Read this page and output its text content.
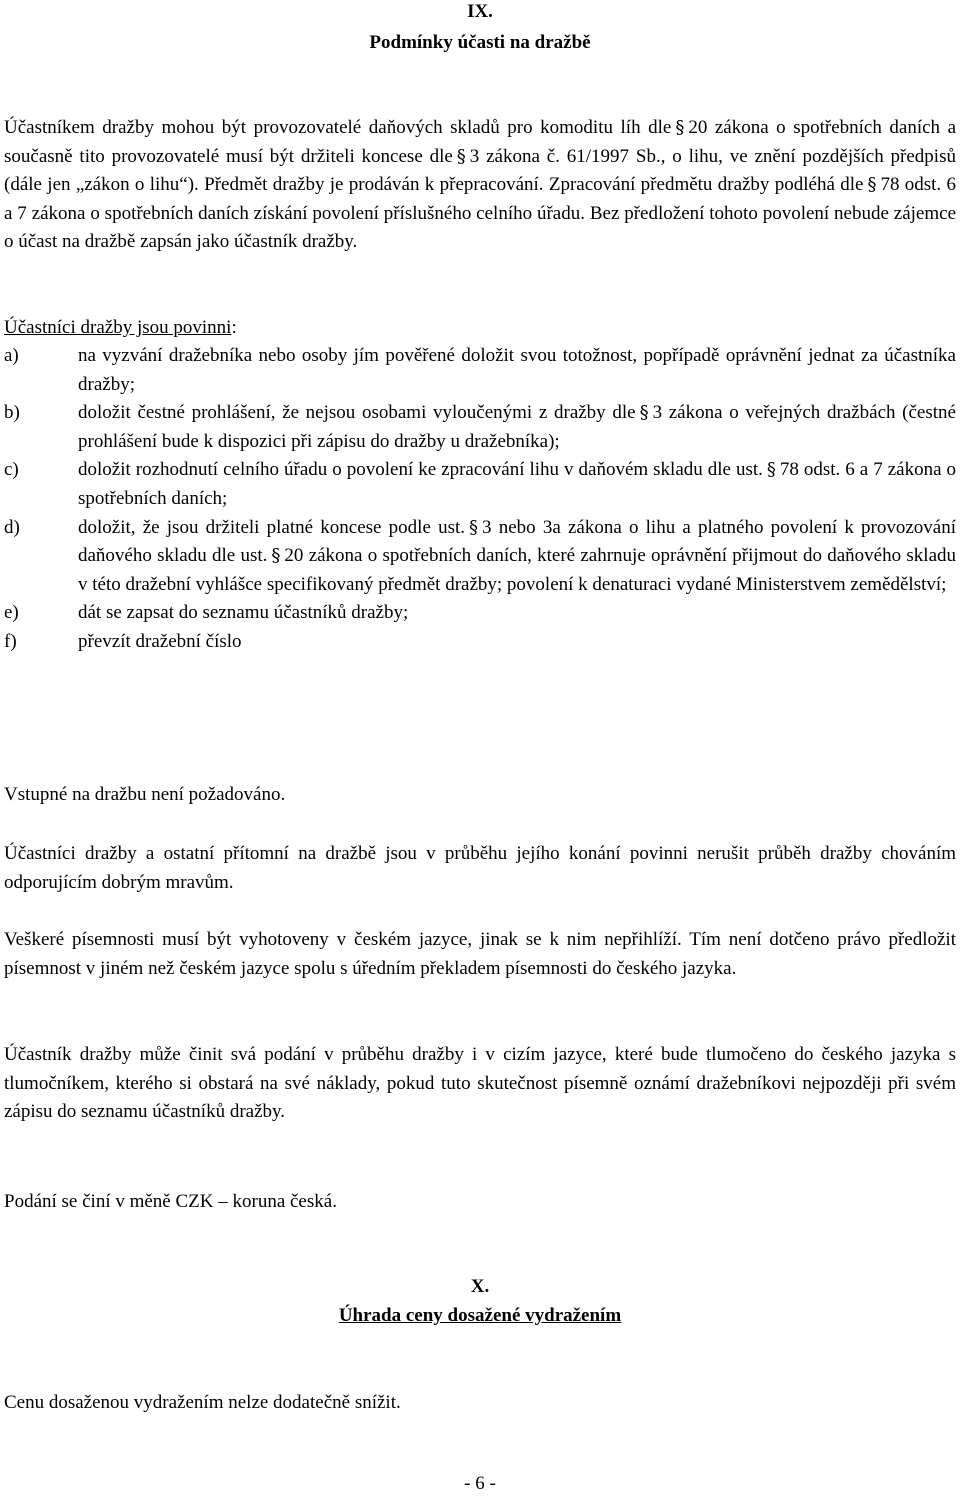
IX.
Podmínky účasti na dražbě

Účastníkem dražby mohou být provozovatelé daňových skladů pro komoditu líh dle § 20 zákona o spotřebních daních a současně tito provozovatelé musí být držiteli koncese dle § 3 zákona č. 61/1997 Sb., o lihu, ve znění pozdějších předpisů (dále jen „zákon o lihu“). Předmět dražby je prodáván k přepracování. Zpracování předmětu dražby podléhá dle § 78 odst. 6 a 7 zákona o spotřebních daních získání povolení příslušného celního úřadu. Bez předložení tohoto povolení nebude zájemce o účast na dražbě zapsán jako účastník dražby.

Účastníci dražby jsou povinni:

a)	na vyzvání dražebníka nebo osoby jím pověřené doložit svou totožnost, popřípadě oprávnění jednat za účastníka dražby;
b)	doložit čestné prohlášení, že nejsou osobami vyloučenými z dražby dle § 3 zákona o veřejných dražbách (čestné prohlášení bude k dispozici při zápisu do dražby u dražebníka);
c)	doložit rozhodnutí celního úřadu o povolení ke zpracování lihu v daňovém skladu dle ust. § 78 odst. 6 a 7 zákona o spotřebních daních;
d)	doložit, že jsou držiteli platné koncese podle ust. § 3 nebo 3a zákona o lihu a platného povolení k provozování daňového skladu dle ust. § 20 zákona o spotřebních daních, které zahrnuje oprávnění přijmout do daňového skladu v této dražební vyhlášce specifikovaný předmět dražby; povolení k denaturaci vydané Ministerstvem zemědělství;
e)	dát se zapsat do seznamu účastníků dražby;
f)	převzít dražební číslo

Vstupné na dražbu není požadováno.

Účastníci dražby a ostatní přítomní na dražbě jsou v průběhu jejího konání povinni nerušit průběh dražby chováním odporujícím dobrým mravům.

Veškeré písemnosti musí být vyhotoveny v českém jazyce, jinak se k nim nepřihlíží. Tím není dotčeno právo předložit písemnost v jiném než českém jazyce spolu s úředním překladem písemnosti do českého jazyka.

Účastník dražby může činit svá podání v průběhu dražby i v cizím jazyce, které bude tlumočeno do českého jazyka s tlumočníkem, kterého si obstará na své náklady, pokud tuto skutečnost písemně oznámí dražebníkovi nejpozději při svém zápisu do seznamu účastníků dražby.

Podání se činí v měně CZK – koruna česká.

X.
Úhrada ceny dosažené vydražením

Cenu dosaženou vydražením nelze dodatečně snížit.

- 6 -
